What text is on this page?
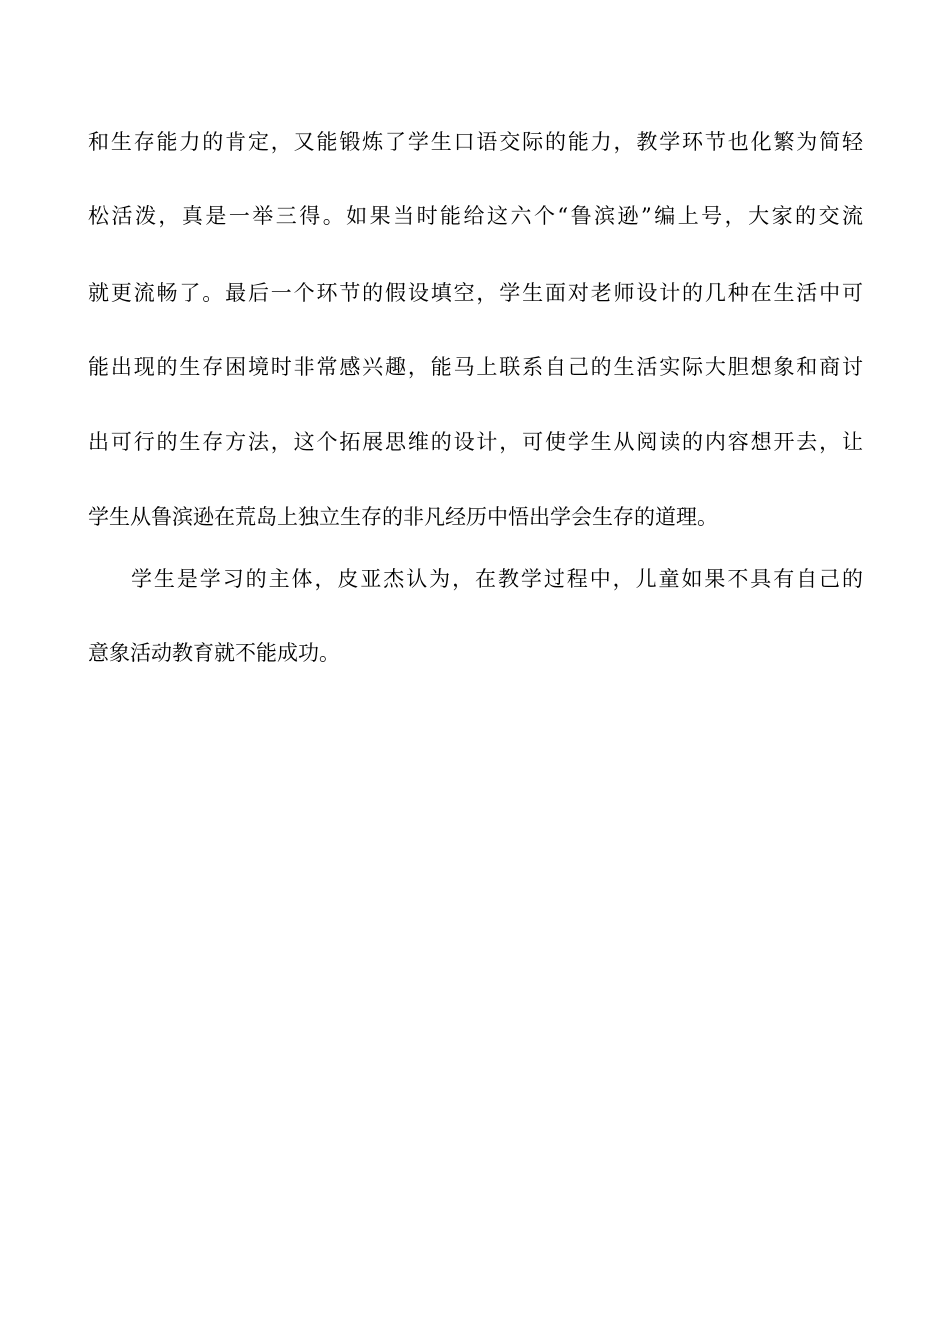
和生存能力的肯定，又能锻炼了学生口语交际的能力，教学环节也化繁为简轻
松活泼，真是一举三得。如果当时能给这六个“鲁滨逊”编上号，大家的交流
就更流畅了。最后一个环节的假设填空，学生面对老师设计的几种在生活中可
能出现的生存困境时非常感兴趣，能马上联系自己的生活实际大胆想象和商讨
出可行的生存方法，这个拓展思维的设计，可使学生从阅读的内容想开去，让
学生从鲁滨逊在荒岛上独立生存的非凡经历中悟出学会生存的道理。
学生是学习的主体，皮亚杰认为，在教学过程中，儿童如果不具有自己的
意象活动教育就不能成功。
